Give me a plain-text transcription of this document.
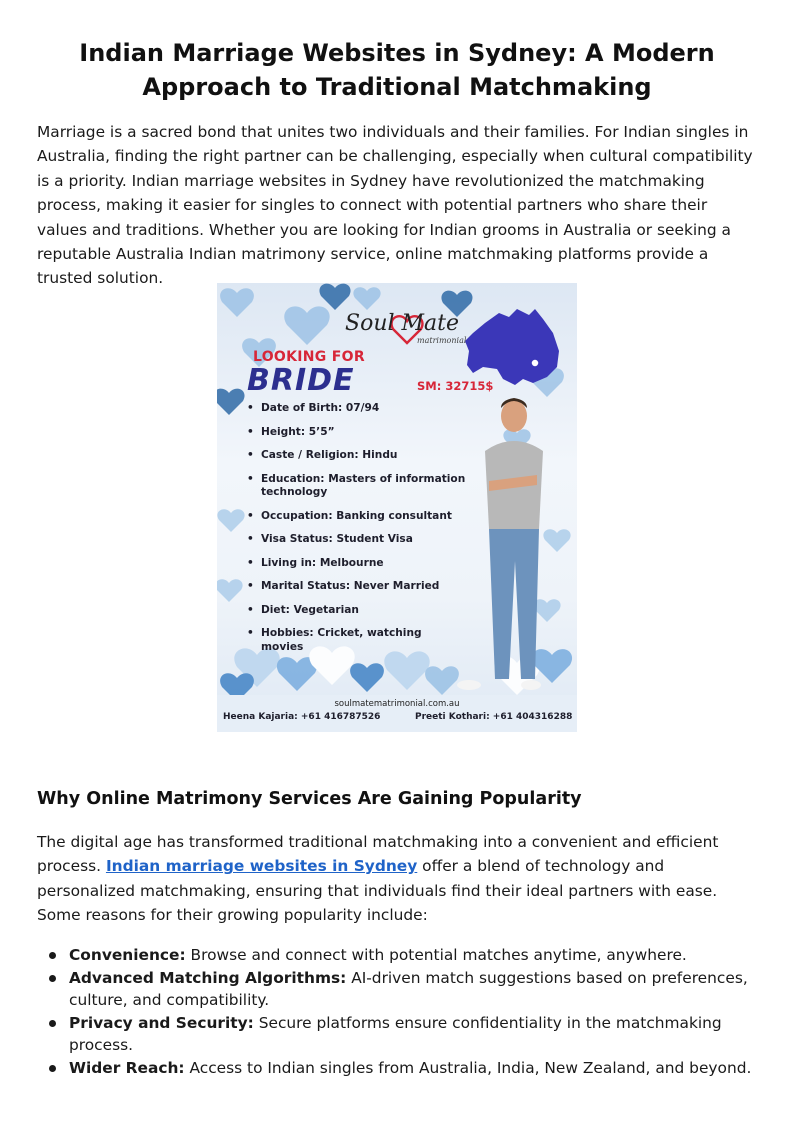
Indian Marriage Websites in Sydney: A Modern Approach to Traditional Matchmaking

Marriage is a sacred bond that unites two individuals and their families. For Indian singles in Australia, finding the right partner can be challenging, especially when cultural compatibility is a priority. Indian marriage websites in Sydney have revolutionized the matchmaking process, making it easier for singles to connect with potential partners who share their values and traditions. Whether you are looking for Indian grooms in Australia or seeking a reputable Australia Indian matrimony service, online matchmaking platforms provide a trusted solution.

Soul Mate
matrimonial
LOOKING FOR
BRIDE	SM: 32715$
• Date of Birth: 07/94
• Height: 5’5”
• Caste / Religion: Hindu
• Education: Masters of information technology
• Occupation: Banking consultant
• Visa Status: Student Visa
• Living in: Melbourne
• Marital Status: Never Married
• Diet: Vegetarian
• Hobbies: Cricket, watching movies
soulmatematrimonial.com.au
Heena Kajaria: +61 416787526	Preeti Kothari: +61 404316288
Why Online Matrimony Services Are Gaining Popularity

The digital age has transformed traditional matchmaking into a convenient and efficient process. Indian marriage websites in Sydney offer a blend of technology and personalized matchmaking, ensuring that individuals find their ideal partners with ease. Some reasons for their growing popularity include:

Convenience: Browse and connect with potential matches anytime, anywhere.
Advanced Matching Algorithms: AI-driven match suggestions based on preferences, culture, and compatibility.
Privacy and Security: Secure platforms ensure confidentiality in the matchmaking process.
Wider Reach: Access to Indian singles from Australia, India, New Zealand, and beyond.
